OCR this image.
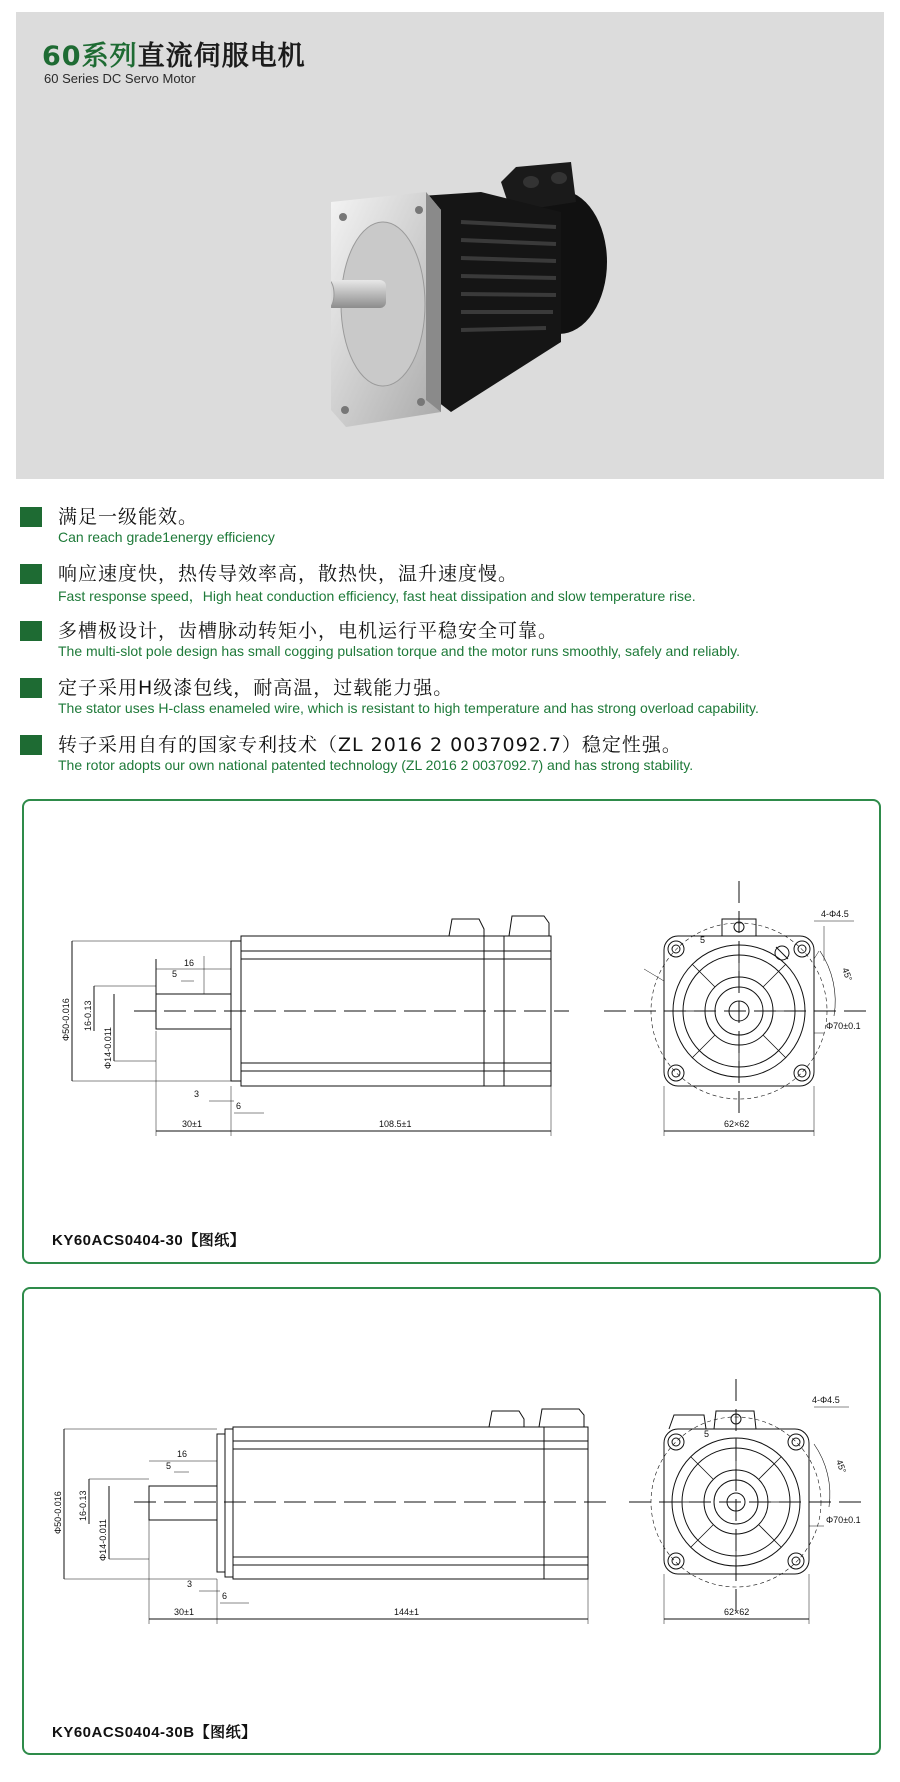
60系列直流伺服电机
60 Series DC Servo Motor
满足一级能效。
Can reach grade1energy efficiency
响应速度快，热传导效率高，散热快，温升速度慢。
Fast response speed，High heat conduction efficiency, fast heat dissipation and slow temperature rise.
多槽极设计，齿槽脉动转矩小，电机运行平稳安全可靠。
The multi-slot pole design has small cogging pulsation torque and the motor runs smoothly, safely and reliably.
定子采用H级漆包线，耐高温，过载能力强。
The stator uses H-class enameled wire, which is resistant to high temperature and has strong overload capability.
转子采用自有的国家专利技术（ZL 2016 2 0037092.7）稳定性强。
The rotor adopts our own national patented technology (ZL 2016 2 0037092.7) and has strong stability.
16
5
3
6
30±1	108.5±1
Φ50-0.016 16-0.13
Φ14-0.011
4-Φ4.5
Φ70±0.1
45°
62×62
5
KY60ACS0404-30【图纸】
16
5
3
6
30±1	144±1
Φ50-0.016 16-0.13
Φ14-0.011
4-Φ4.5
Φ70±0.1
45°
62×62
5
KY60ACS0404-30B【图纸】
